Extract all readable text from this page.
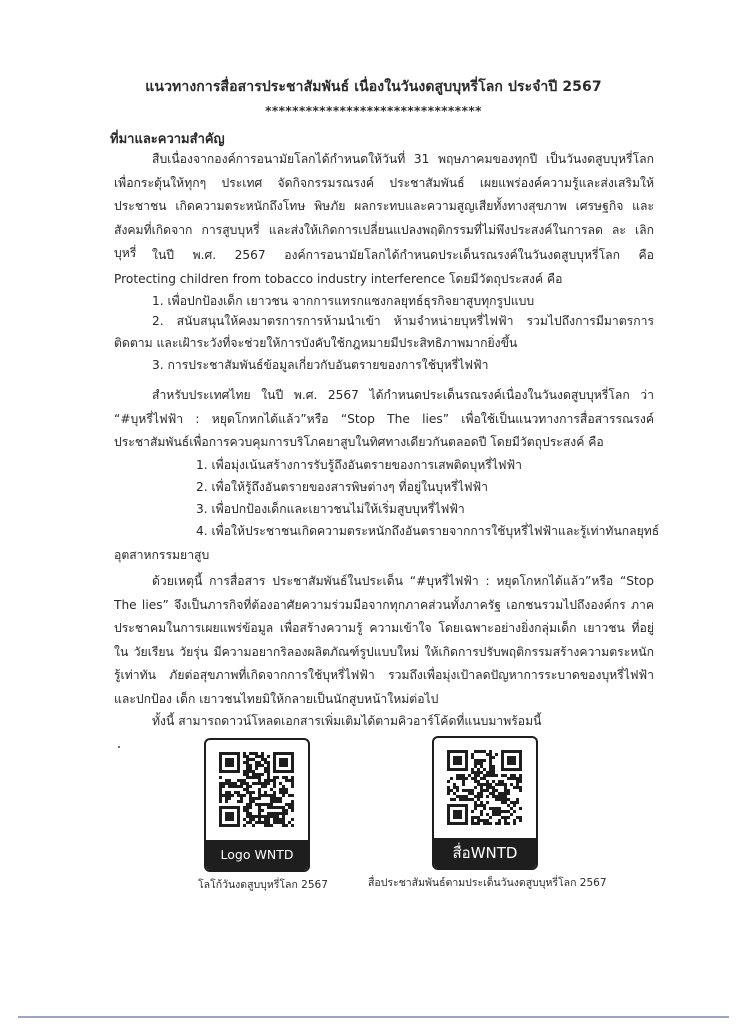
แนวทางการสื่อสารประชาสัมพันธ์ เนื่องในวันงดสูบบุหรี่โลก ประจำปี 2567
********************************
ที่มาและความสำคัญ
สืบเนื่องจากองค์การอนามัยโลกได้กำหนดให้วันที่ 31 พฤษภาคมของทุกปี เป็นวันงดสูบบุหรี่โลก เพื่อกระตุ้นให้ทุกๆ ประเทศ จัดกิจกรรมรณรงค์ ประชาสัมพันธ์ เผยแพร่องค์ความรู้และส่งเสริมให้ประชาชน เกิดความตระหนักถึงโทษ พิษภัย ผลกระทบและความสูญเสียทั้งทางสุขภาพ เศรษฐกิจ และสังคมที่เกิดจาก การสูบบุหรี่ และส่งให้เกิดการเปลี่ยนแปลงพฤติกรรมที่ไม่พึงประสงค์ในการลด ละ เลิกบุหรี่	ในปี พ.ศ. 2567 องค์การอนามัยโลกได้กำหนดประเด็นรณรงค์ในวันงดสูบบุหรี่โลก คือ Protecting children from tobacco industry interference โดยมีวัตถุประสงค์ คือ
1. เพื่อปกป้องเด็ก เยาวชน จากการแทรกแซงกลยุทธ์ธุรกิจยาสูบทุกรูปแบบ
2. สนับสนุนให้คงมาตรการการห้ามนำเข้า ห้ามจำหน่ายบุหรี่ไฟฟ้า รวมไปถึงการมีมาตรการติดตาม และเฝ้าระวังที่จะช่วยให้การบังคับใช้กฎหมายมีประสิทธิภาพมากยิ่งขึ้น
3. การประชาสัมพันธ์ข้อมูลเกี่ยวกับอันตรายของการใช้บุหรี่ไฟฟ้า
สำหรับประเทศไทย ในปี พ.ศ. 2567 ได้กำหนดประเด็นรณรงค์เนื่องในวันงดสูบบุหรี่โลก ว่า “#บุหรี่ไฟฟ้า : หยุดโกหกได้แล้ว”หรือ “Stop The lies” เพื่อใช้เป็นแนวทางการสื่อสารรณรงค์ ประชาสัมพันธ์เพื่อการควบคุมการบริโภคยาสูบในทิศทางเดียวกันตลอดปี โดยมีวัตถุประสงค์ คือ
1. เพื่อมุ่งเน้นสร้างการรับรู้ถึงอันตรายของการเสพติดบุหรี่ไฟฟ้า
2. เพื่อให้รู้ถึงอันตรายของสารพิษต่างๆ ที่อยู่ในบุหรี่ไฟฟ้า
3. เพื่อปกป้องเด็กและเยาวชนไม่ให้เริ่มสูบบุหรี่ไฟฟ้า
4. เพื่อให้ประชาชนเกิดความตระหนักถึงอันตรายจากการใช้บุหรี่ไฟฟ้าและรู้เท่าทันกลยุทธ์
อุตสาหกรรมยาสูบ
ด้วยเหตุนี้ การสื่อสาร ประชาสัมพันธ์ในประเด็น “#บุหรี่ไฟฟ้า : หยุดโกหกได้แล้ว”หรือ “Stop The lies” จึงเป็นภารกิจที่ต้องอาศัยความร่วมมือจากทุกภาคส่วนทั้งภาครัฐ เอกชนรวมไปถึงองค์กร ภาคประชาคมในการเผยแพร่ข้อมูล เพื่อสร้างความรู้ ความเข้าใจ โดยเฉพาะอย่างยิ่งกลุ่มเด็ก เยาวชน ที่อยู่ใน วัยเรียน วัยรุ่น มีความอยากริลองผลิตภัณฑ์รูปแบบใหม่ ให้เกิดการปรับพฤติกรรมสร้างความตระหนักรู้เท่าทัน ภัยต่อสุขภาพที่เกิดจากการใช้บุหรี่ไฟฟ้า รวมถึงเพื่อมุ่งเป้าลดปัญหาการระบาดของบุหรี่ไฟฟ้า และปกป้อง เด็ก เยาวชนไทยมิให้กลายเป็นนักสูบหน้าใหม่ต่อไป
ทั้งนี้ สามารถดาวน์โหลดเอกสารเพิ่มเติมได้ตามคิวอาร์โค้ดที่แนบมาพร้อมนี้
Logo WNTD
โลโก้วันงดสูบบุหรี่โลก 2567
สื่อWNTD
สื่อประชาสัมพันธ์ตามประเด็นวันงดสูบบุหรี่โลก 2567
